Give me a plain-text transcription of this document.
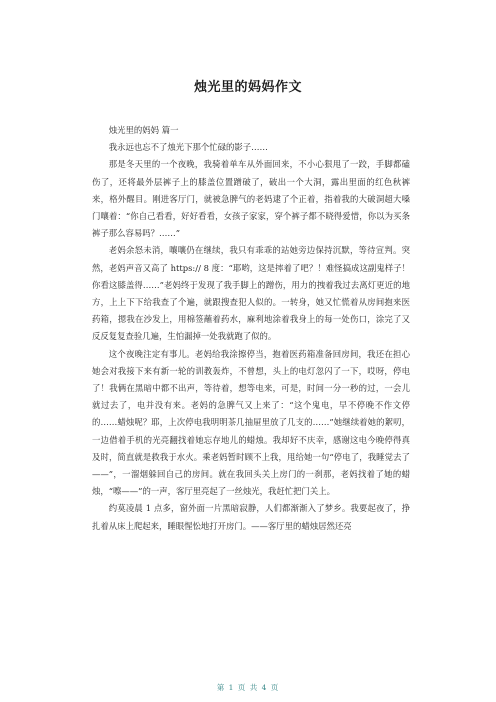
烛光里的妈妈作文

烛光里的妈妈 篇一

我永远也忘不了烛光下那个忙碌的影子……

那是冬天里的一个夜晚，我骑着单车从外面回来，不小心狠甩了一跤，手脚都磕伤了，还将最外层裤子上的膝盖位置蹭破了，破出一个大洞，露出里面的红色秋裤来，格外醒目。刚进客厅门，就被急脾气的老妈逮了个正着，指着我的大破洞超大嗓门嚷着：“你自己看看，好好看看，女孩子家家，穿个裤子都不晓得爱惜，你以为买条裤子那么容易吗？……”

老妈余怒未消，嚷嚷仍在继续，我只有乖乖的站她旁边保持沉默，等待宣判。突然，老妈声音又高了 https:// 8 度：“耶哟，这是摔着了吧？！难怪搞成这副鬼样子！你看这膝盖得……”老妈终于发现了我手脚上的蹭伤，用力的拽着我过去离灯更近的地方，上上下下给我查了个遍，就跟搜查犯人似的。一转身，她又忙慌着从房间抱来医药箱，摁我在沙发上，用棉签蘸着药水，麻利地涂着我身上的每一处伤口，涂完了又反反复复查验几遍，生怕漏掉一处我就跑了似的。

这个夜晚注定有事儿。老妈给我涂擦停当，抱着医药箱准备回房间，我还在担心她会对我接下来有新一轮的训教轰炸，不曾想，头上的电灯忽闪了一下，哎呀，停电了！我俩在黑暗中都不出声，等待着，想等电来，可是，时间一分一秒的过，一会儿就过去了，电并没有来。老妈的急脾气又上来了：“这个鬼电，早不停晚不作文停的……蜡烛呢？耶，上次停电我明明茶几抽屉里放了几支的……”她继续着她的絮叨，一边借着手机的光亮翻找着她忘存地儿的蜡烛。我却好不庆幸，感谢这电今晚停得真及时，简直就是救我于水火。乘老妈暂时顾不上我，甩给她一句“停电了，我睡觉去了——”，一溜烟躲回自己的房间。就在我回头关上房门的一刹那，老妈找着了她的蜡烛，“嚓——”的一声，客厅里亮起了一丝烛光，我赶忙把门关上。

约莫凌晨 1 点多，窗外面一片黑暗寂静，人们都渐渐入了梦乡。我要起夜了，挣扎着从床上爬起来，睡眼惺忪地打开房门。——客厅里的蜡烛居然还亮

第 1 页 共 4 页
